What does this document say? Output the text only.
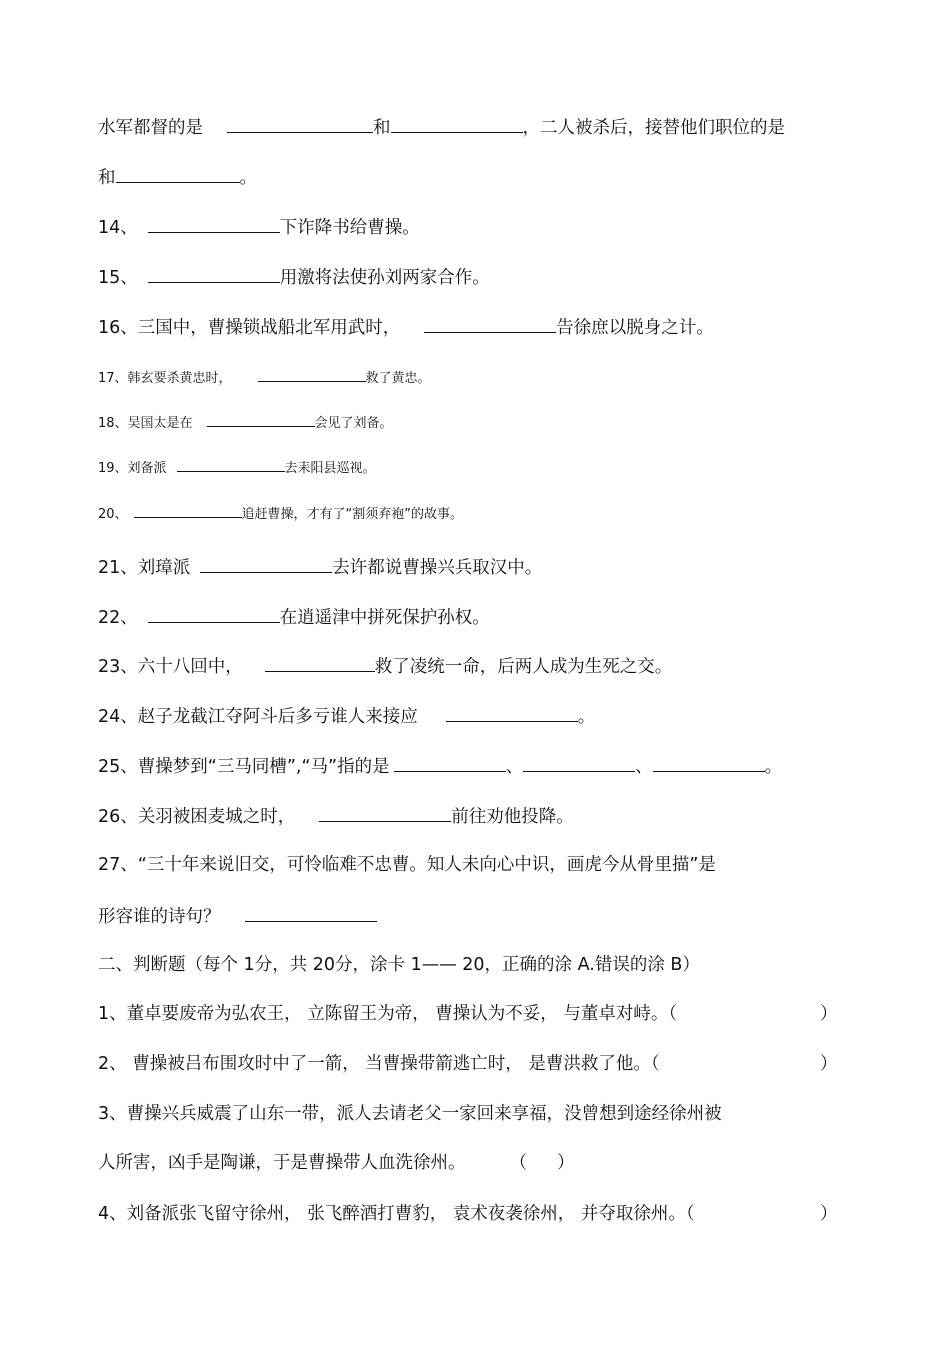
水军都督的是	和	，二人被杀后，接替他们职位的是
和	。
14、	下诈降书给曹操。
15、	用激将法使孙刘两家合作。
16、三国中，曹操锁战船北军用武时，	告徐庶以脱身之计。
17、韩玄要杀黄忠时，	救了黄忠。
18、吴国太是在	会见了刘备。
19、刘备派	去耒阳县巡视。
20、	追赶曹操，才有了“割须弃袍”的故事。
21、刘璋派	去许都说曹操兴兵取汉中。
22、	在逍遥津中拼死保护孙权。
23、六十八回中，	救了凌统一命，后两人成为生死之交。
24、赵子龙截江夺阿斗后多亏谁人来接应	。
25、曹操梦到“三马同槽”,“马”指的是	、	、	。
26、关羽被困麦城之时，	前往劝他投降。
27、“三十年来说旧交，可怜临难不忠曹。知人未向心中识，画虎今从骨里描”是
形容谁的诗句？
二、判断题（每个 1分，共 20分，涂卡 1—— 20，正确的涂 A.错误的涂 B）
1、董卓要废帝为弘农王， 立陈留王为帝， 曹操认为不妥， 与董卓对峙。（	）
2、 曹操被吕布围攻时中了一箭， 当曹操带箭逃亡时， 是曹洪救了他。（	）
3、曹操兴兵威震了山东一带，派人去请老父一家回来享福，没曾想到途经徐州被
人所害，凶手是陶谦，于是曹操带人血洗徐州。	（ ）
4、刘备派张飞留守徐州， 张飞醉酒打曹豹， 袁术夜袭徐州， 并夺取徐州。（	）
